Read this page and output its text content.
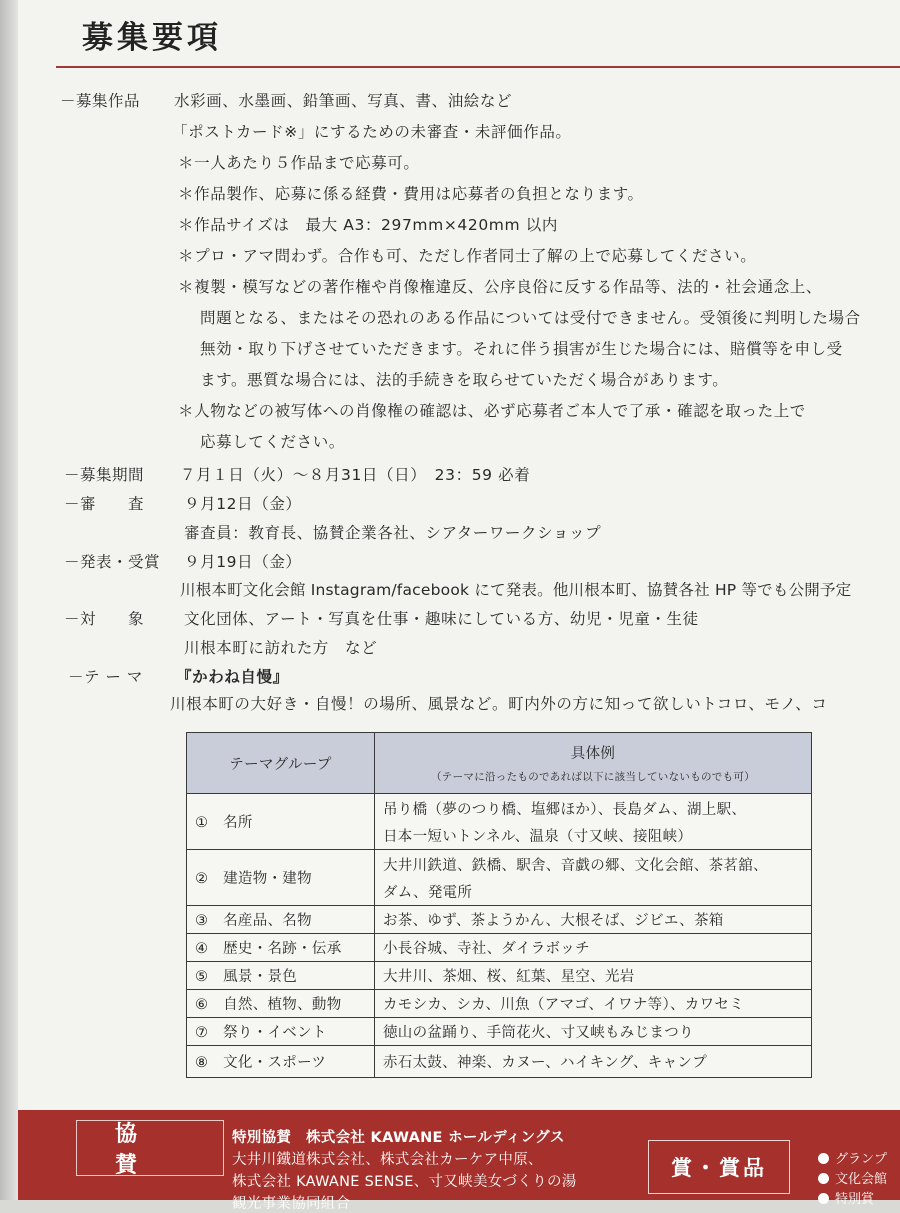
募集要項
－募集作品 水彩画、水墨画、鉛筆画、写真、書、油絵など
「ポストカード※」にするための未審査・未評価作品。
＊一人あたり５作品まで応募可。
＊作品製作、応募に係る経費・費用は応募者の負担となります。
＊作品サイズは　最大 A3：297mm×420mm 以内
＊プロ・アマ問わず。合作も可、ただし作者同士了解の上で応募してください。
＊複製・模写などの著作権や肖像権違反、公序良俗に反する作品等、法的・社会通念上、
問題となる、またはその恐れのある作品については受付できません。受領後に判明した場合
無効・取り下げさせていただきます。それに伴う損害が生じた場合には、賠償等を申し受
ます。悪質な場合には、法的手続きを取らせていただく場合があります。
＊人物などの被写体への肖像権の確認は、必ず応募者ご本人で了承・確認を取った上で
応募してください。
－募集期間 ７月１日（火）～８月31日（日）　23：59 必着
－審　　査	９月12日（金）
審査員：教育長、協賛企業各社、シアターワークショップ
－発表・受賞 ９月19日（金）
川根本町文化会館 Instagram/facebook にて発表。他川根本町、協賛各社 HP 等でも公開予定
－対　　象	文化団体、アート・写真を仕事・趣味にしている方、幼児・児童・生徒
川根本町に訪れた方　など
－テ ー マ 『かわね自慢』
川根本町の大好き・自慢！の場所、風景など。町内外の方に知って欲しいトコロ、モノ、コ
テーマグループ	具体例
（テーマに沿ったものであれば以下に該当していないものでも可）

①　名所	吊り橋（夢のつり橋、塩郷ほか）、長島ダム、湖上駅、
日本一短いトンネル、温泉（寸又峡、接阻峡）

②　建造物・建物	大井川鉄道、鉄橋、駅舎、音戯の郷、文化会館、茶茗舘、
ダム、発電所

③　名産品、名物	お茶、ゆず、茶ようかん、大根そば、ジビエ、茶箱
④　歴史・名跡・伝承	小長谷城、寺社、ダイラボッチ
⑤　風景・景色	大井川、茶畑、桜、紅葉、星空、光岩
⑥　自然、植物、動物	カモシカ、シカ、川魚（アマゴ、イワナ等）、カワセミ
⑦　祭り・イベント	徳山の盆踊り、手筒花火、寸又峡もみじまつり
⑧　文化・スポーツ	赤石太鼓、神楽、カヌー、ハイキング、キャンプ
協賛
特別協賛　株式会社 KAWANE ホールディングス
大井川鐵道株式会社、株式会社カーケア中原、
株式会社 KAWANE SENSE、寸又峡美女づくりの湯
観光事業協同組合
賞・賞品	グランプ
文化会館
特別賞
